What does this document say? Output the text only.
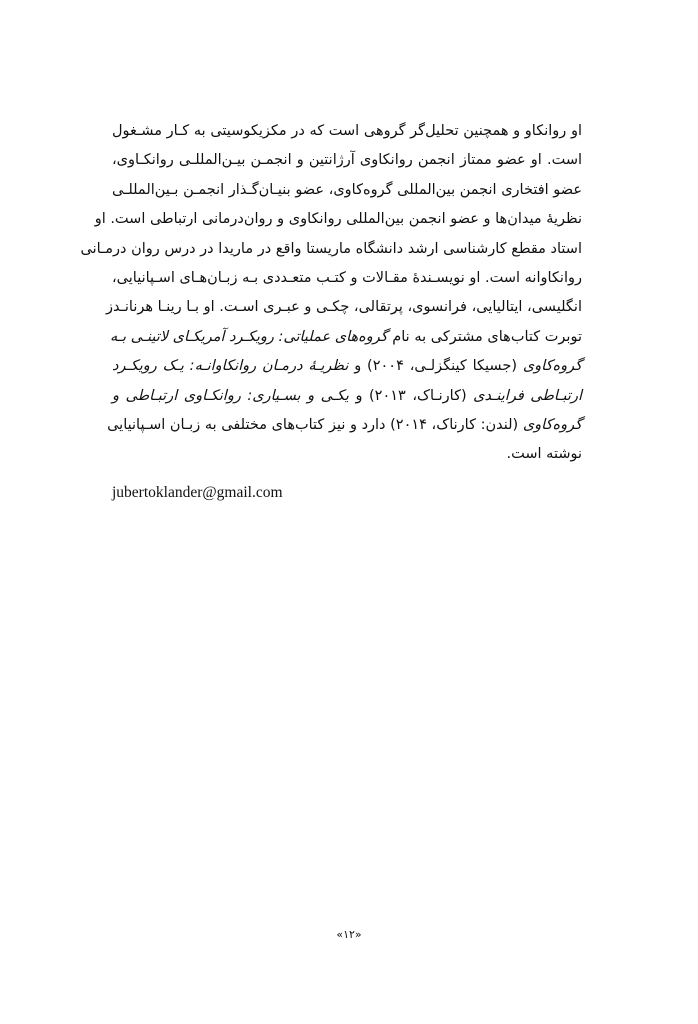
او روانکاو و همچنین تحلیل‌گر گروهی است که در مکزیکوسیتی به کـار مشـغول
است. او عضو ممتاز انجمن روانکاوی آرژانتین و انجمـن بیـن‌المللـی روانکـاوی،
عضو افتخاری انجمن بین‌المللی گروه‌کاوی، عضو بنیـان‌گـذار انجمـن بـین‌المللـی
نظریۀ میدان‌ها و عضو انجمن بین‌المللی روانکاوی و روان‌درمانی ارتباطی است. او
استاد مقطع کارشناسی ارشد دانشگاه ماریستا واقع در ماریدا در درس روان درمـانی
روانکاوانه است. او نویسـندۀ مقـالات و کتـب متعـددی بـه زبـان‌هـای اسـپانیایی،
انگلیسی، ایتالیایی، فرانسوی، پرتقالی، چکـی و عبـری اسـت. او بـا رینـا هرنانـدز
توبرت کتاب‌های مشترکی به نام گروه‌های عملیاتی: رویکـرد آمریکـای لاتینـی بـه
گروه‌کاوی (جسیکا کینگزلـی، ۲۰۰۴) و نظریـۀ درمـان روانکاوانـه: یـک رویکـرد
ارتبـاطی فراینـدی (کارنـاک، ۲۰۱۳) و یکـی و بسـیاری: روانکـاوی ارتبـاطی و
گروه‌کاوی (لندن: کارناک، ۲۰۱۴) دارد و نیز کتاب‌های مختلفی به زبـان اسـپانیایی
نوشته است.
jubertoklander@gmail.com
«۱۲»
